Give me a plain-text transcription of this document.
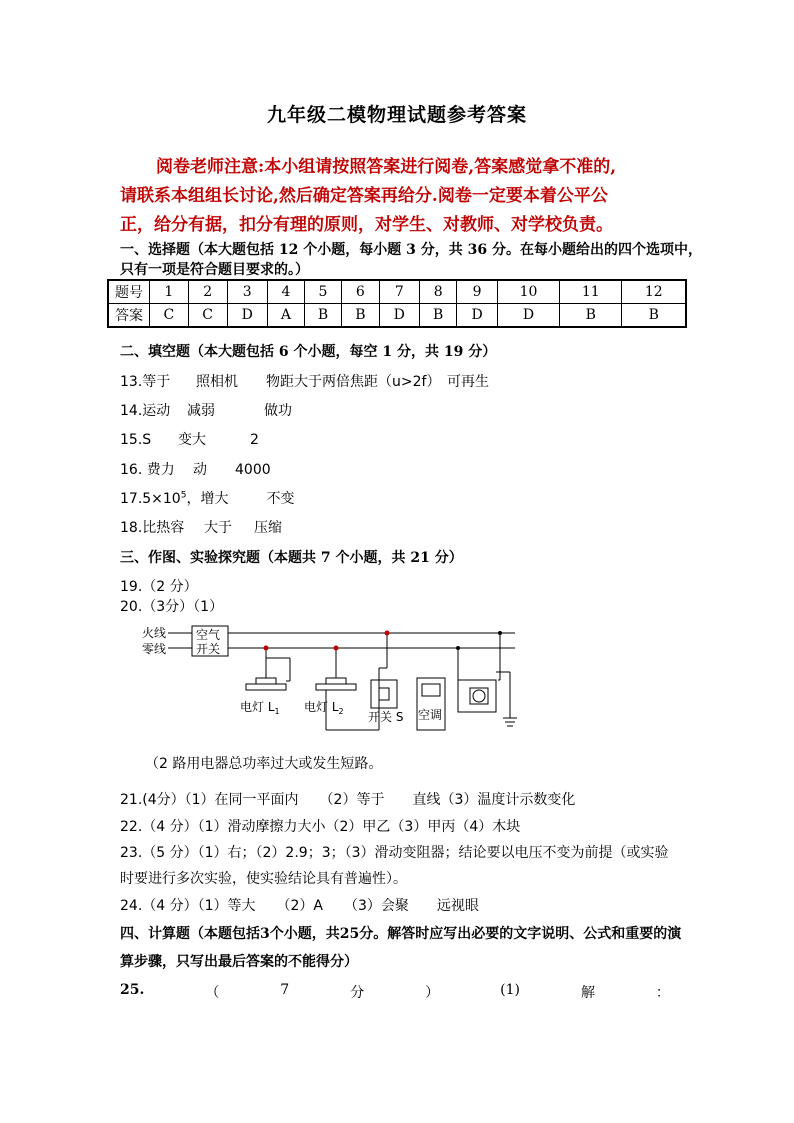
九年级二模物理试题参考答案
阅卷老师注意:本小组请按照答案进行阅卷,答案感觉拿不准的,
请联系本组组长讨论,然后确定答案再给分.阅卷一定要本着公平公
正，给分有据，扣分有理的原则，对学生、对教师、对学校负责。
一、选择题（本大题包括 12 个小题，每小题 3 分，共 36 分。在每小题给出的四个选项中，
只有一项是符合题目要求的。）
题号	1	2	3	4	5	6	7	8	9	10	11	12
答案	C	C	D	A	B	B	D	B	D	D	B	B
二、填空题（本大题包括 6 个小题，每空 1 分，共 19 分）
13.等于 照相机 物距大于两倍焦距（u>2f） 可再生
14.运动 减弱	做功
15.S 变大	2
16. 费力 动 4000
$17.5\times 10^5$，增大	不变
18.比热容 大于 压缩
三、作图、实验探究题（本题共 7 个小题，共 21 分）
19.（2 分）
20.（3分）（1）
火线
零线
空气
开关
电灯 $L_1$ 电灯 $L_2$ 开关 S 空调
（2 路用电器总功率过大或发生短路。
21.(4分）（1）在同一平面内　　（2）等于　　直线（3）温度计示数变化
22.（4 分）（1）滑动摩擦力大小（2）甲乙（3）甲丙（4）木块
23.（5 分）（1）右；（2）2.9；3；（3）滑动变阻器；结论要以电压不变为前提（或实验
时要进行多次实验，使实验结论具有普遍性）。
24.（4 分）（1）等大　　（2）A　　（3）会聚　　远视眼
四、计算题（本题包括3个小题，共25分。解答时应写出必要的文字说明、公式和重要的演
算步骤，只写出最后答案的不能得分）
25.	（	7	分	）	(1)	解	：
